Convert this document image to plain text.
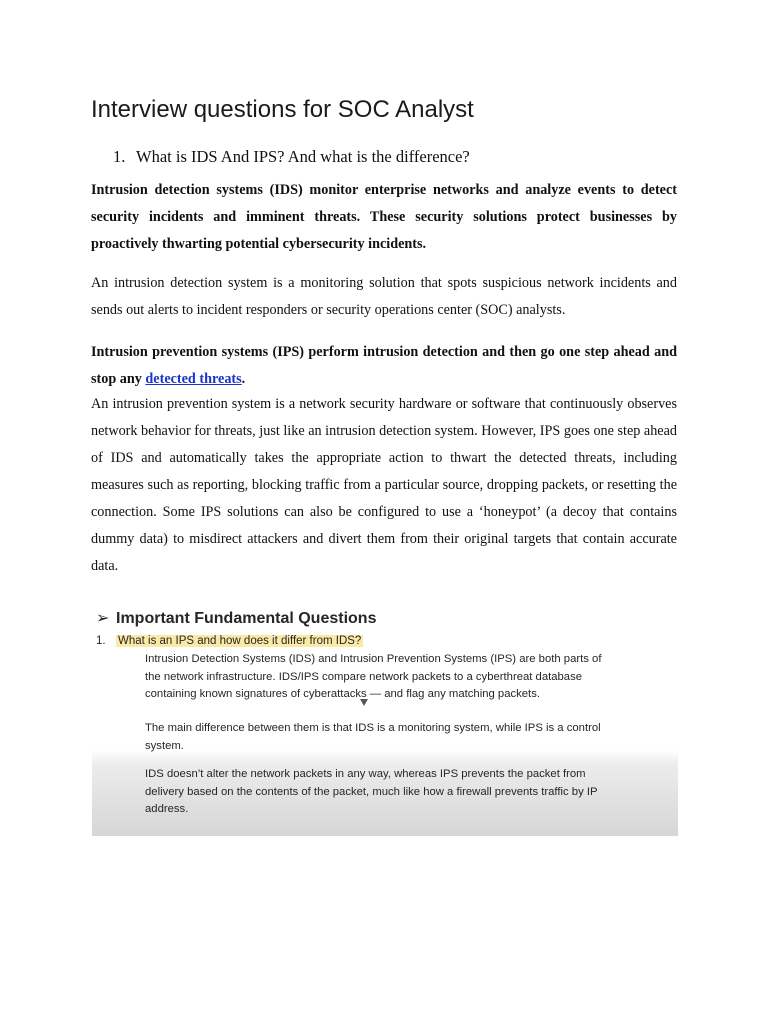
Interview questions for SOC Analyst
1. What is IDS And IPS? And what is the difference?

Intrusion detection systems (IDS) monitor enterprise networks and analyze events to detect security incidents and imminent threats. These security solutions protect businesses by proactively thwarting potential cybersecurity incidents.

An intrusion detection system is a monitoring solution that spots suspicious network incidents and sends out alerts to incident responders or security operations center (SOC) analysts.

Intrusion prevention systems (IPS) perform intrusion detection and then go one step ahead and stop any detected threats.

An intrusion prevention system is a network security hardware or software that continuously observes network behavior for threats, just like an intrusion detection system. However, IPS goes one step ahead of IDS and automatically takes the appropriate action to thwart the detected threats, including measures such as reporting, blocking traffic from a particular source, dropping packets, or resetting the connection. Some IPS solutions can also be configured to use a ‘honeypot’ (a decoy that contains dummy data) to misdirect attackers and divert them from their original targets that contain accurate data.

➢ Important Fundamental Questions
1. What is an IPS and how does it differ from IDS?

Intrusion Detection Systems (IDS) and Intrusion Prevention Systems (IPS) are both parts of the network infrastructure. IDS/IPS compare network packets to a cyberthreat database containing known signatures of cyberattacks — and flag any matching packets.

The main difference between them is that IDS is a monitoring system, while IPS is a control system.

IDS doesn’t alter the network packets in any way, whereas IPS prevents the packet from delivery based on the contents of the packet, much like how a firewall prevents traffic by IP address.
